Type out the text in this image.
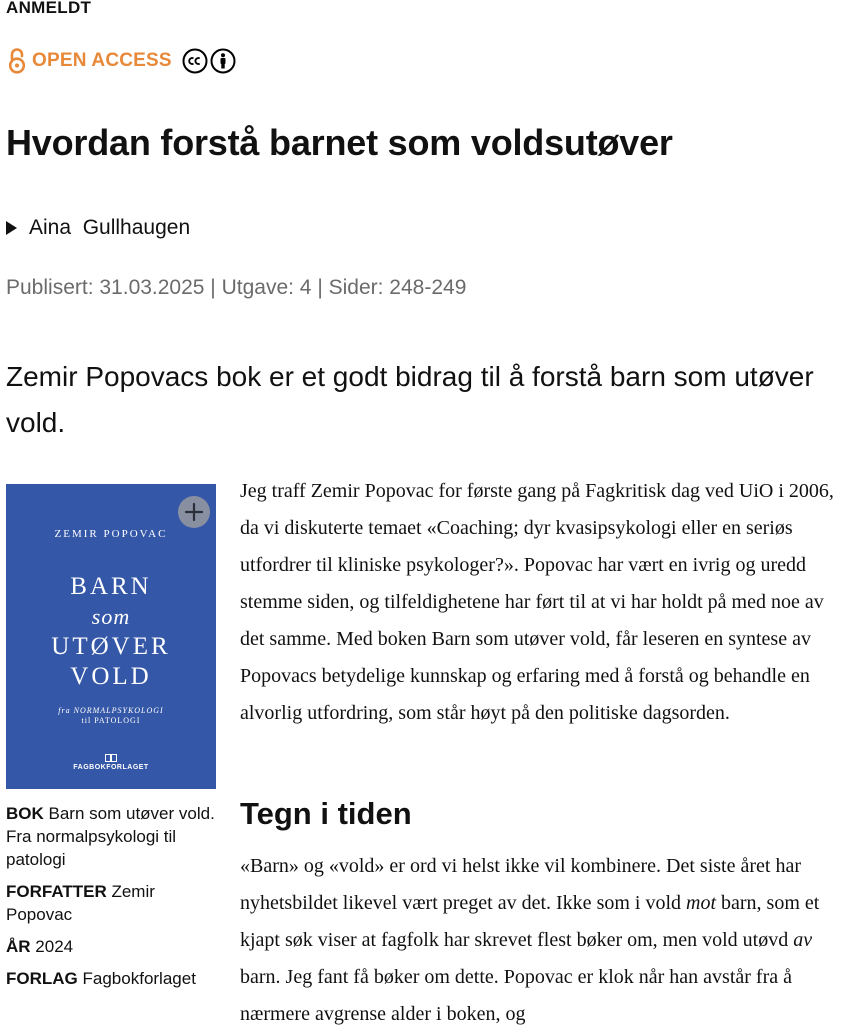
ANMELDT
OPEN ACCESS
Hvordan forstå barnet som voldsutøver
Aina  Gullhaugen
Publisert: 31.03.2025 | Utgave: 4 | Sider: 248-249

Zemir Popovacs bok er et godt bidrag til å forstå barn som utøver vold.

ZEMIR POPOVAC
BARN
som
UTØVER
VOLD
fra NORMALPSYKOLOGI
til PATOLOGI
FAGBOKFORLAGET
BOK Barn som utøver vold.
Fra normalpsykologi til patologi
FORFATTER Zemir Popovac
ÅR 2024
FORLAG Fagbokforlaget

Jeg traff Zemir Popovac for første gang på Fagkritisk dag ved UiO i 2006, da vi diskuterte temaet «Coaching; dyr kvasipsykologi eller en seriøs utfordrer til kliniske psykologer?». Popovac har vært en ivrig og uredd stemme siden, og tilfeldighetene har ført til at vi har holdt på med noe av det samme. Med boken Barn som utøver vold, får leseren en syntese av Popovacs betydelige kunnskap og erfaring med å forstå og behandle en alvorlig utfordring, som står høyt på den politiske dagsorden.

Tegn i tiden

«Barn» og «vold» er ord vi helst ikke vil kombinere. Det siste året har nyhetsbildet likevel vært preget av det. Ikke som i vold mot barn, som et kjapt søk viser at fagfolk har skrevet flest bøker om, men vold utøvd av barn. Jeg fant få bøker om dette. Popovac er klok når han avstår fra å nærmere avgrense alder i boken, og
